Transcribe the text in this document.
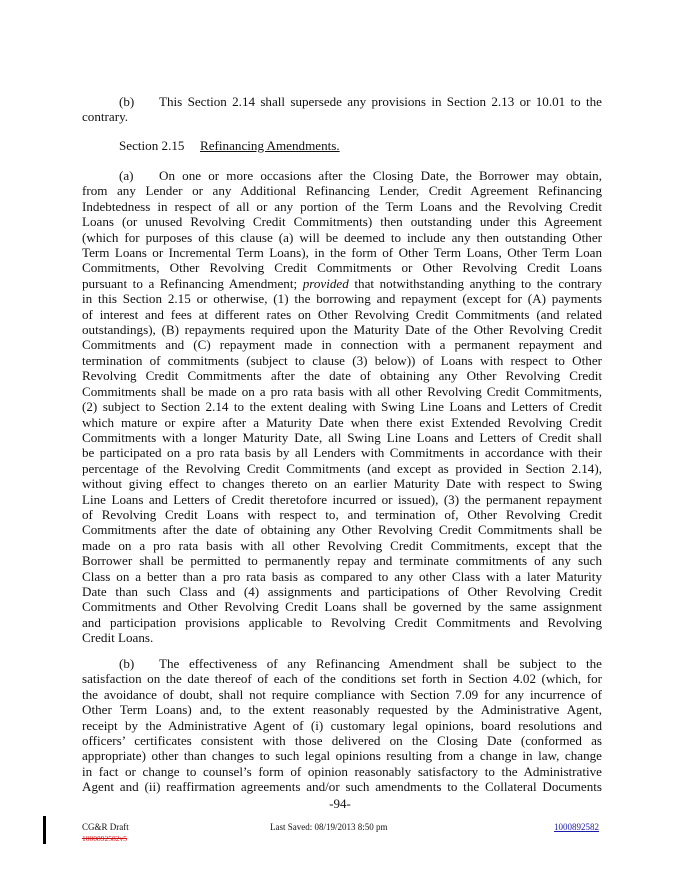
(b) This Section 2.14 shall supersede any provisions in Section 2.13 or 10.01 to the
contrary.
Section 2.15 Refinancing Amendments.
(a) On one or more occasions after the Closing Date, the Borrower may obtain,
from any Lender or any Additional Refinancing Lender, Credit Agreement Refinancing
Indebtedness in respect of all or any portion of the Term Loans and the Revolving Credit
Loans (or unused Revolving Credit Commitments) then outstanding under this Agreement
(which for purposes of this clause (a) will be deemed to include any then outstanding Other
Term Loans or Incremental Term Loans), in the form of Other Term Loans, Other Term Loan
Commitments, Other Revolving Credit Commitments or Other Revolving Credit Loans
pursuant to a Refinancing Amendment; provided that notwithstanding anything to the contrary
in this Section 2.15 or otherwise, (1) the borrowing and repayment (except for (A) payments
of interest and fees at different rates on Other Revolving Credit Commitments (and related
outstandings), (B) repayments required upon the Maturity Date of the Other Revolving Credit
Commitments and (C) repayment made in connection with a permanent repayment and
termination of commitments (subject to clause (3) below)) of Loans with respect to Other
Revolving Credit Commitments after the date of obtaining any Other Revolving Credit
Commitments shall be made on a pro rata basis with all other Revolving Credit Commitments,
(2) subject to Section 2.14 to the extent dealing with Swing Line Loans and Letters of Credit
which mature or expire after a Maturity Date when there exist Extended Revolving Credit
Commitments with a longer Maturity Date, all Swing Line Loans and Letters of Credit shall
be participated on a pro rata basis by all Lenders with Commitments in accordance with their
percentage of the Revolving Credit Commitments (and except as provided in Section 2.14),
without giving effect to changes thereto on an earlier Maturity Date with respect to Swing
Line Loans and Letters of Credit theretofore incurred or issued), (3) the permanent repayment
of Revolving Credit Loans with respect to, and termination of, Other Revolving Credit
Commitments after the date of obtaining any Other Revolving Credit Commitments shall be
made on a pro rata basis with all other Revolving Credit Commitments, except that the
Borrower shall be permitted to permanently repay and terminate commitments of any such
Class on a better than a pro rata basis as compared to any other Class with a later Maturity
Date than such Class and (4) assignments and participations of Other Revolving Credit
Commitments and Other Revolving Credit Loans shall be governed by the same assignment
and participation provisions applicable to Revolving Credit Commitments and Revolving
Credit Loans.
(b) The effectiveness of any Refinancing Amendment shall be subject to the
satisfaction on the date thereof of each of the conditions set forth in Section 4.02 (which, for
the avoidance of doubt, shall not require compliance with Section 7.09 for any incurrence of
Other Term Loans) and, to the extent reasonably requested by the Administrative Agent,
receipt by the Administrative Agent of (i) customary legal opinions, board resolutions and
officers’ certificates consistent with those delivered on the Closing Date (conformed as
appropriate) other than changes to such legal opinions resulting from a change in law, change
in fact or change to counsel’s form of opinion reasonably satisfactory to the Administrative
Agent and (ii) reaffirmation agreements and/or such amendments to the Collateral Documents
-94-
CG&R Draft
1000892582v5
Last Saved: 08/19/2013 8:50 pm	1000892582
